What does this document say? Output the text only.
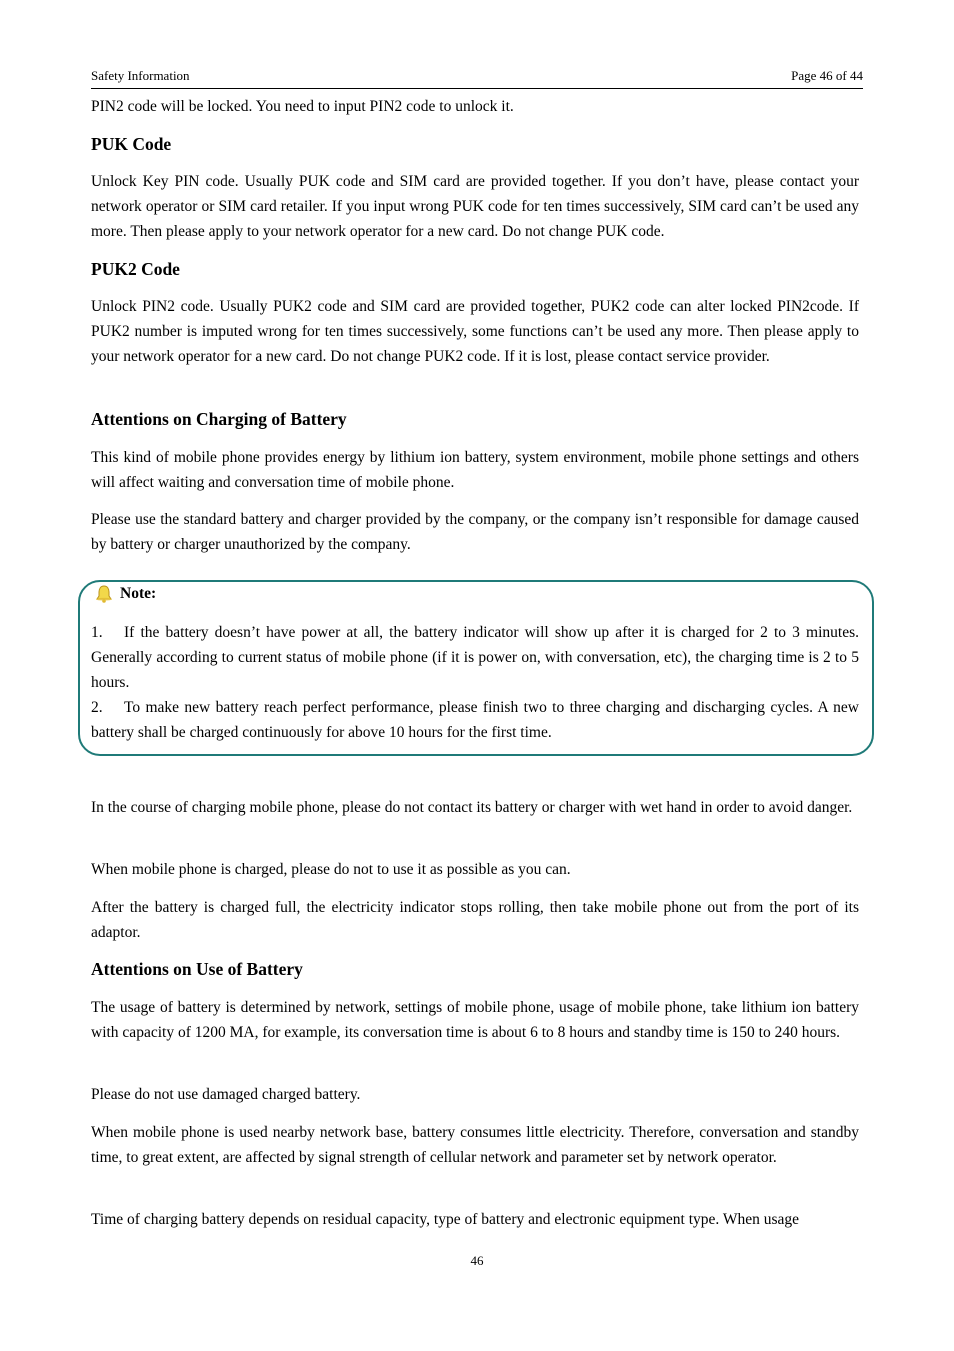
Safety Information	Page 46 of 44

PIN2 code will be locked. You need to input PIN2 code to unlock it.

PUK Code

Unlock Key PIN code. Usually PUK code and SIM card are provided together. If you don’t have, please contact your network operator or SIM card retailer. If you input wrong PUK code for ten times successively, SIM card can’t be used any more. Then please apply to your network operator for a new card. Do not change PUK code.

PUK2 Code

Unlock PIN2 code. Usually PUK2 code and SIM card are provided together, PUK2 code can alter locked PIN2code. If PUK2 number is imputed wrong for ten times successively, some functions can’t be used any more. Then please apply to your network operator for a new card. Do not change PUK2 code. If it is lost, please contact service provider.

Attentions on Charging of Battery

This kind of mobile phone provides energy by lithium ion battery, system environment, mobile phone settings and others will affect waiting and conversation time of mobile phone.

Please use the standard battery and charger provided by the company, or the company isn’t responsible for damage caused by battery or charger unauthorized by the company.

Note:

1. If the battery doesn’t have power at all, the battery indicator will show up after it is charged for 2 to 3 minutes. Generally according to current status of mobile phone (if it is power on, with conversation, etc), the charging time is 2 to 5 hours.

2. To make new battery reach perfect performance, please finish two to three charging and discharging cycles. A new battery shall be charged continuously for above 10 hours for the first time.

In the course of charging mobile phone, please do not contact its battery or charger with wet hand in order to avoid danger.

When mobile phone is charged, please do not to use it as possible as you can.

After the battery is charged full, the electricity indicator stops rolling, then take mobile phone out from the port of its adaptor.

Attentions on Use of Battery

The usage of battery is determined by network, settings of mobile phone, usage of mobile phone, take lithium ion battery with capacity of 1200 MA, for example, its conversation time is about 6 to 8 hours and standby time is 150 to 240 hours.

Please do not use damaged charged battery.

When mobile phone is used nearby network base, battery consumes little electricity. Therefore, conversation and standby time, to great extent, are affected by signal strength of cellular network and parameter set by network operator.

Time of charging battery depends on residual capacity, type of battery and electronic equipment type. When usage

46
